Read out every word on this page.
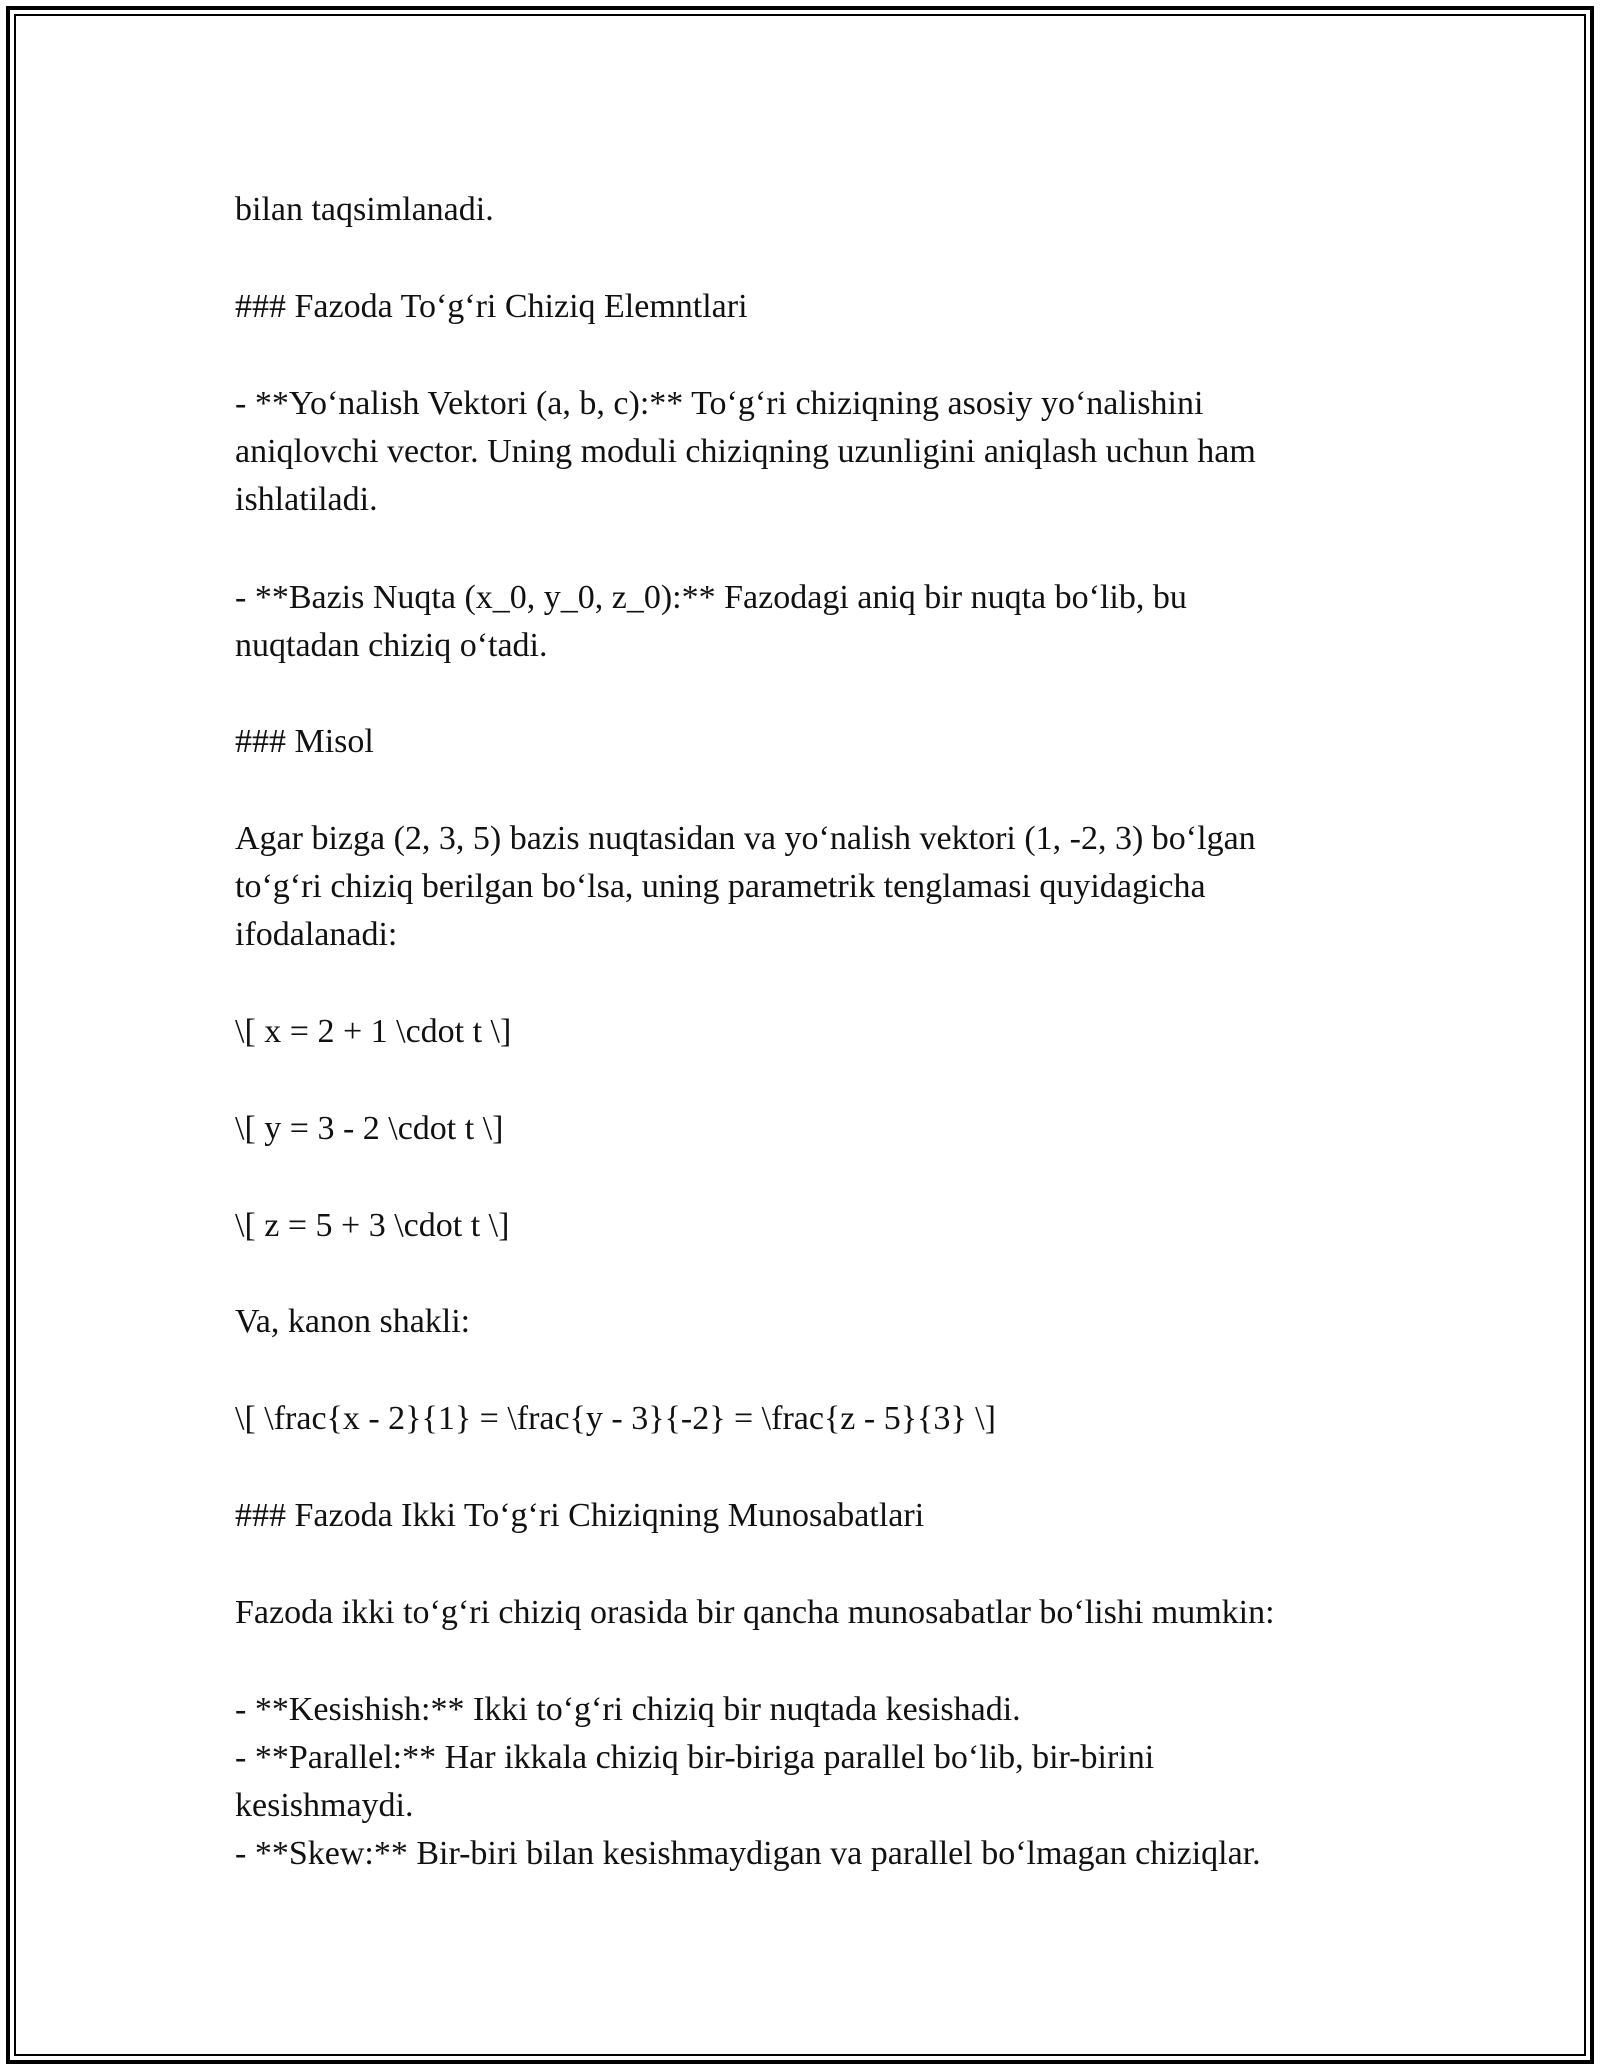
bilan taqsimlanadi.

### Fazoda To‘g‘ri Chiziq Elemntlari

- **Yo‘nalish Vektori (a, b, c):** To‘g‘ri chiziqning asosiy yo‘nalishini

aniqlovchi vector. Uning moduli chiziqning uzunligini aniqlash uchun ham

ishlatiladi.

- **Bazis Nuqta (x_0, y_0, z_0):** Fazodagi aniq bir nuqta bo‘lib, bu

nuqtadan chiziq o‘tadi.

### Misol

Agar bizga (2, 3, 5) bazis nuqtasidan va yo‘nalish vektori (1, -2, 3) bo‘lgan

to‘g‘ri chiziq berilgan bo‘lsa, uning parametrik tenglamasi quyidagicha

ifodalanadi:

\[ x = 2 + 1 \cdot t \]

\[ y = 3 - 2 \cdot t \]

\[ z = 5 + 3 \cdot t \]

Va, kanon shakli:

\[ \frac{x - 2}{1} = \frac{y - 3}{-2} = \frac{z - 5}{3} \]

### Fazoda Ikki To‘g‘ri Chiziqning Munosabatlari

Fazoda ikki to‘g‘ri chiziq orasida bir qancha munosabatlar bo‘lishi mumkin:

- **Kesishish:** Ikki to‘g‘ri chiziq bir nuqtada kesishadi.

- **Parallel:** Har ikkala chiziq bir-biriga parallel bo‘lib, bir-birini

kesishmaydi.

- **Skew:** Bir-biri bilan kesishmaydigan va parallel bo‘lmagan chiziqlar.
